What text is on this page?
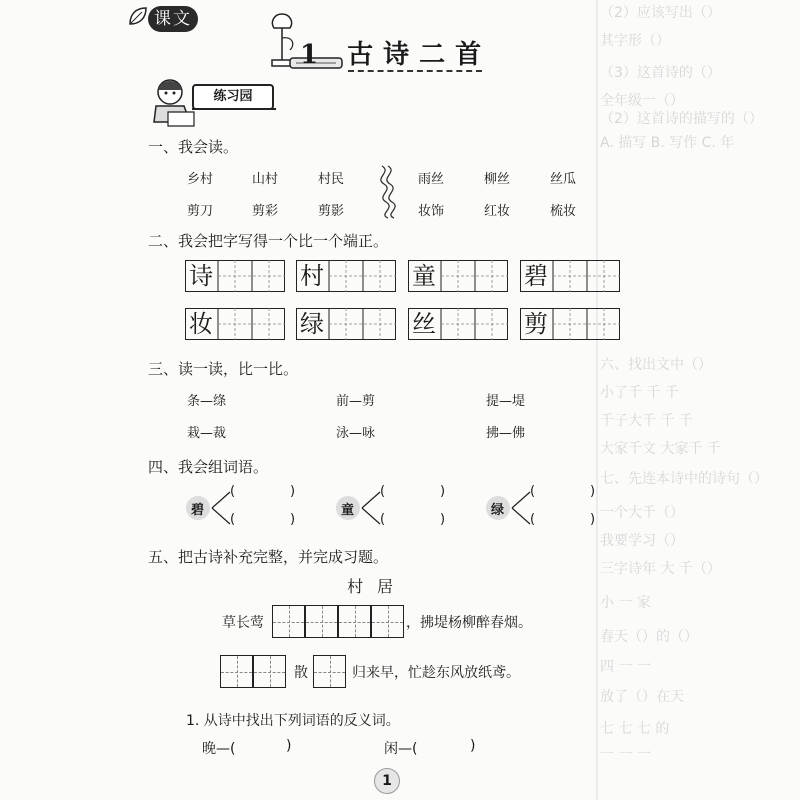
（2）应该写出（）
其字形（）
（3）这首诗的（）
全年级一（）
（2）这首诗的描写的（）
A. 描写 B. 写作 C. 年
六、找出文中（）
小了千 千 千
千子大千 千 千
大家千文 大家千 千
七、先连本诗中的诗句（）
一个大千（）
我要学习（）
三字诗年 大 千（）
小 一 家
春天（）的（）
四 一 一
放了（）在天
七 七 七 的
一 一 一
课文
1 古诗二首
练习园
一、我会读。
乡村	山村	村民	雨丝	柳丝	丝瓜
剪刀	剪彩	剪影	妆饰	红妆	梳妆
二、我会把字写得一个比一个端正。
诗	村	童	碧
妆	绿	丝	剪
三、读一读，比一比。
条—绦	前—剪	提—堤
栽—裁	泳—咏	拂—佛
四、我会组词语。
碧	童	绿
(	)
(	)
(	)
(	)
(	)
(	)
五、把古诗补充完整，并完成习题。
村居
草长莺	，拂堤杨柳醉春烟。
散	归来早，忙趁东风放纸鸢。
1. 从诗中找出下列词语的反义词。
晚—(	)	闲—(	)
1
